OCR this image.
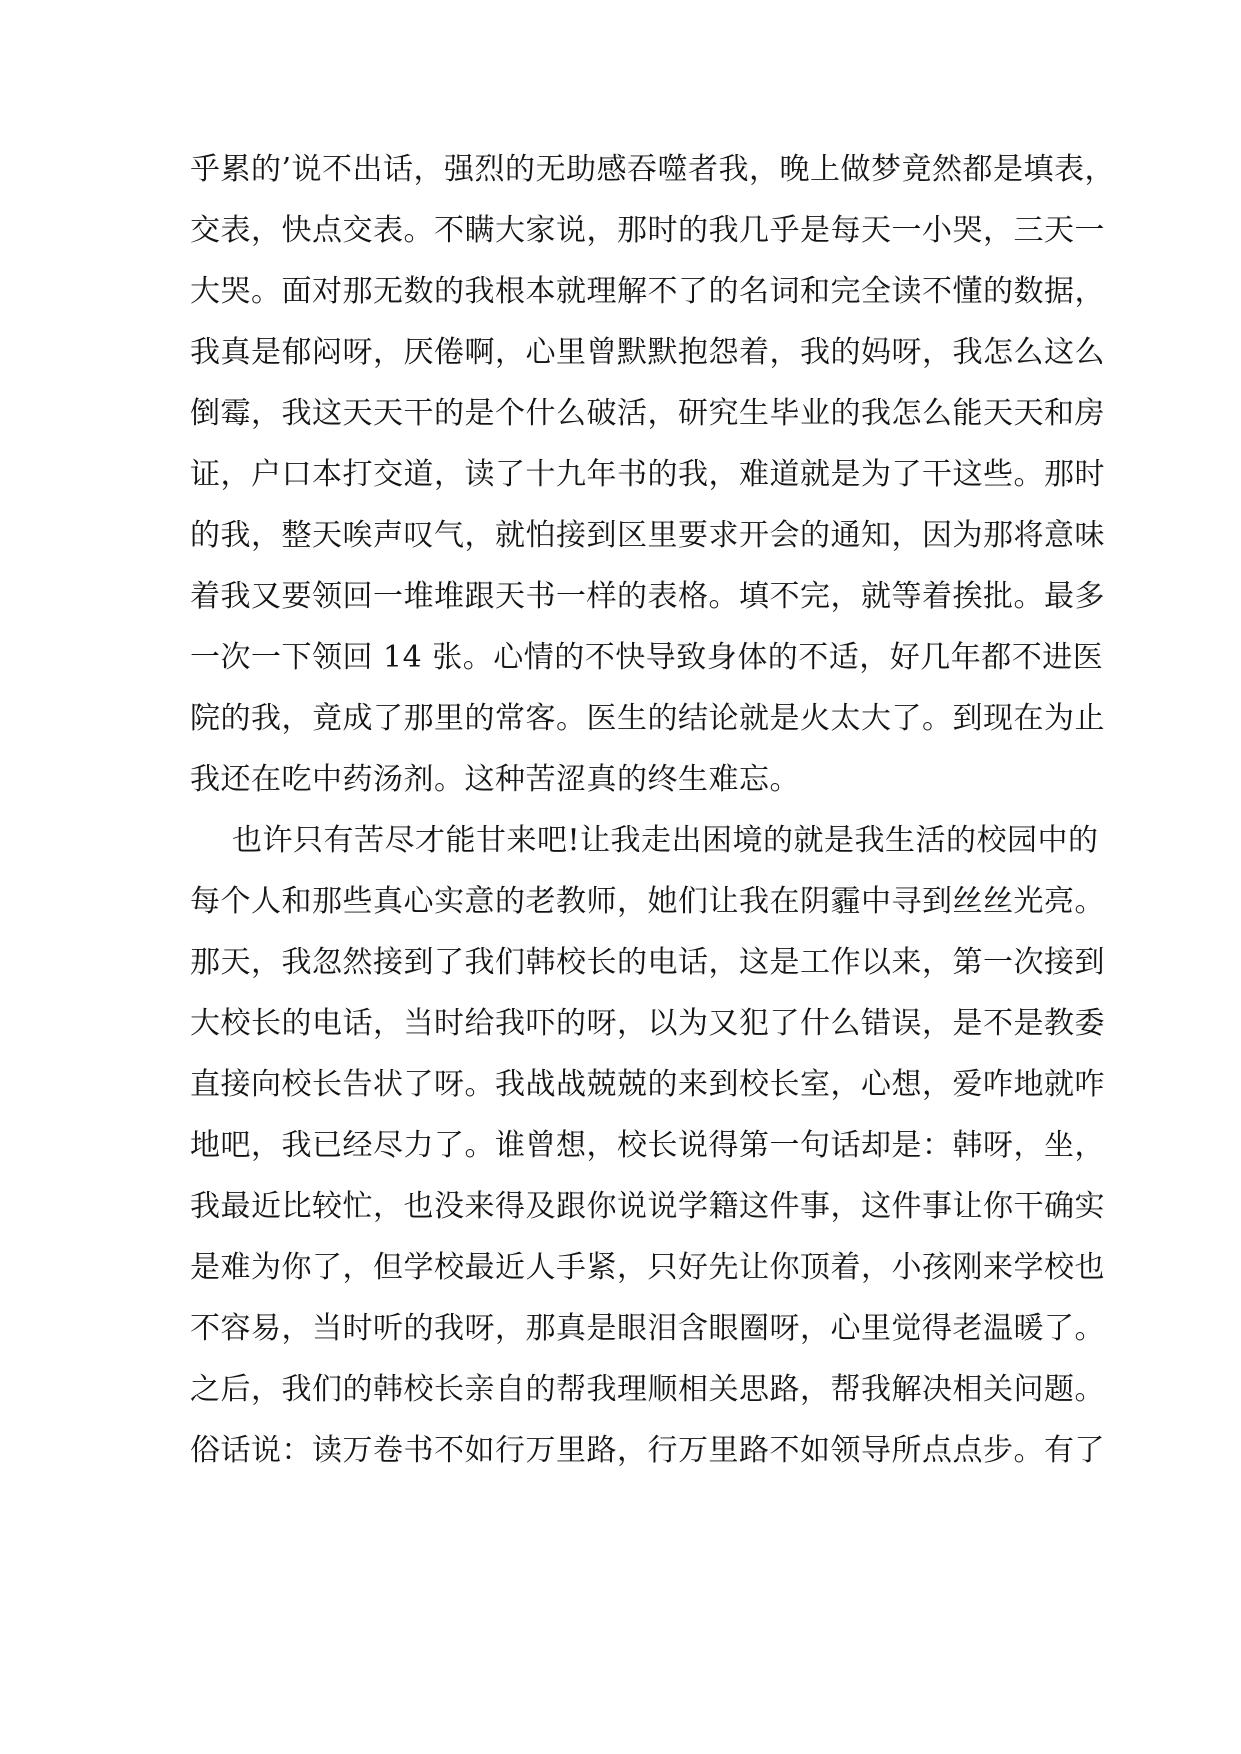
乎累的’说不出话，强烈的无助感吞噬者我，晚上做梦竟然都是填表，
交表，快点交表。不瞒大家说，那时的我几乎是每天一小哭，三天一
大哭。面对那无数的我根本就理解不了的名词和完全读不懂的数据，
我真是郁闷呀，厌倦啊，心里曾默默抱怨着，我的妈呀，我怎么这么
倒霉，我这天天干的是个什么破活，研究生毕业的我怎么能天天和房
证，户口本打交道，读了十九年书的我，难道就是为了干这些。那时
的我，整天唉声叹气，就怕接到区里要求开会的通知，因为那将意味
着我又要领回一堆堆跟天书一样的表格。填不完，就等着挨批。最多
一次一下领回 14 张。心情的不快导致身体的不适，好几年都不进医
院的我，竟成了那里的常客。医生的结论就是火太大了。到现在为止
我还在吃中药汤剂。这种苦涩真的终生难忘。
也许只有苦尽才能甘来吧!让我走出困境的就是我生活的校园中的
每个人和那些真心实意的老教师，她们让我在阴霾中寻到丝丝光亮。
那天，我忽然接到了我们韩校长的电话，这是工作以来，第一次接到
大校长的电话，当时给我吓的呀，以为又犯了什么错误，是不是教委
直接向校长告状了呀。我战战兢兢的来到校长室，心想，爱咋地就咋
地吧，我已经尽力了。谁曾想，校长说得第一句话却是：韩呀，坐，
我最近比较忙，也没来得及跟你说说学籍这件事，这件事让你干确实
是难为你了，但学校最近人手紧，只好先让你顶着，小孩刚来学校也
不容易，当时听的我呀，那真是眼泪含眼圈呀，心里觉得老温暖了。
之后，我们的韩校长亲自的帮我理顺相关思路，帮我解决相关问题。
俗话说：读万卷书不如行万里路，行万里路不如领导所点点步。有了
